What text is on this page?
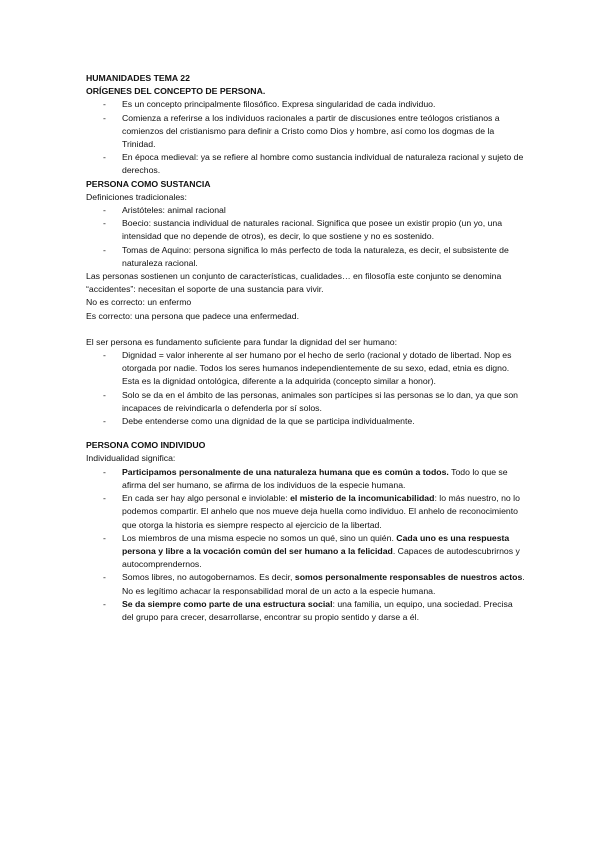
HUMANIDADES TEMA 22

ORÍGENES DEL CONCEPTO DE PERSONA.

- Es un concepto principalmente filosófico. Expresa singularidad de cada individuo.
- Comienza a referirse a los individuos racionales a partir de discusiones entre teólogos cristianos a comienzos del cristianismo para definir a Cristo como Dios y hombre, así como los dogmas de la Trinidad.
- En época medieval: ya se refiere al hombre como sustancia individual de naturaleza racional y sujeto de derechos.

PERSONA COMO SUSTANCIA

Definiciones tradicionales:

- Aristóteles: animal racional
- Boecio: sustancia individual de naturales racional. Significa que posee un existir propio (un yo, una intensidad que no depende de otros), es decir, lo que sostiene y no es sostenido.
- Tomas de Aquino: persona significa lo más perfecto de toda la naturaleza, es decir, el subsistente de naturaleza racional.

Las personas sostienen un conjunto de características, cualidades… en filosofía este conjunto se denomina “accidentes”: necesitan el soporte de una sustancia para vivir.

No es correcto: un enfermo

Es correcto: una persona que padece una enfermedad.

El ser persona es fundamento suficiente para fundar la dignidad del ser humano:

- Dignidad = valor inherente al ser humano por el hecho de serlo (racional y dotado de libertad. Nop es otorgada por nadie. Todos los seres humanos independientemente de su sexo, edad, etnia es digno. Esta es la dignidad ontológica, diferente a la adquirida (concepto similar a honor).
- Solo se da en el ámbito de las personas, animales son partícipes si las personas se lo dan, ya que son incapaces de reivindicarla o defenderla por sí solos.
- Debe entenderse como una dignidad de la que se participa individualmente.

PERSONA COMO INDIVIDUO

Individualidad significa:

- Participamos personalmente de una naturaleza humana que es común a todos. Todo lo que se afirma del ser humano, se afirma de los individuos de la especie humana.
- En cada ser hay algo personal e inviolable: el misterio de la incomunicabilidad: lo más nuestro, no lo podemos compartir. El anhelo que nos mueve deja huella como individuo. El anhelo de reconocimiento que otorga la historia es siempre respecto al ejercicio de la libertad.
- Los miembros de una misma especie no somos un qué, sino un quién. Cada uno es una respuesta persona y libre a la vocación común del ser humano a la felicidad. Capaces de autodescubrirnos y autocomprendernos.
- Somos libres, no autogobernamos. Es decir, somos personalmente responsables de nuestros actos. No es legítimo achacar la responsabilidad moral de un acto a la especie humana.
- Se da siempre como parte de una estructura social: una familia, un equipo, una sociedad. Precisa del grupo para crecer, desarrollarse, encontrar su propio sentido y darse a él.
